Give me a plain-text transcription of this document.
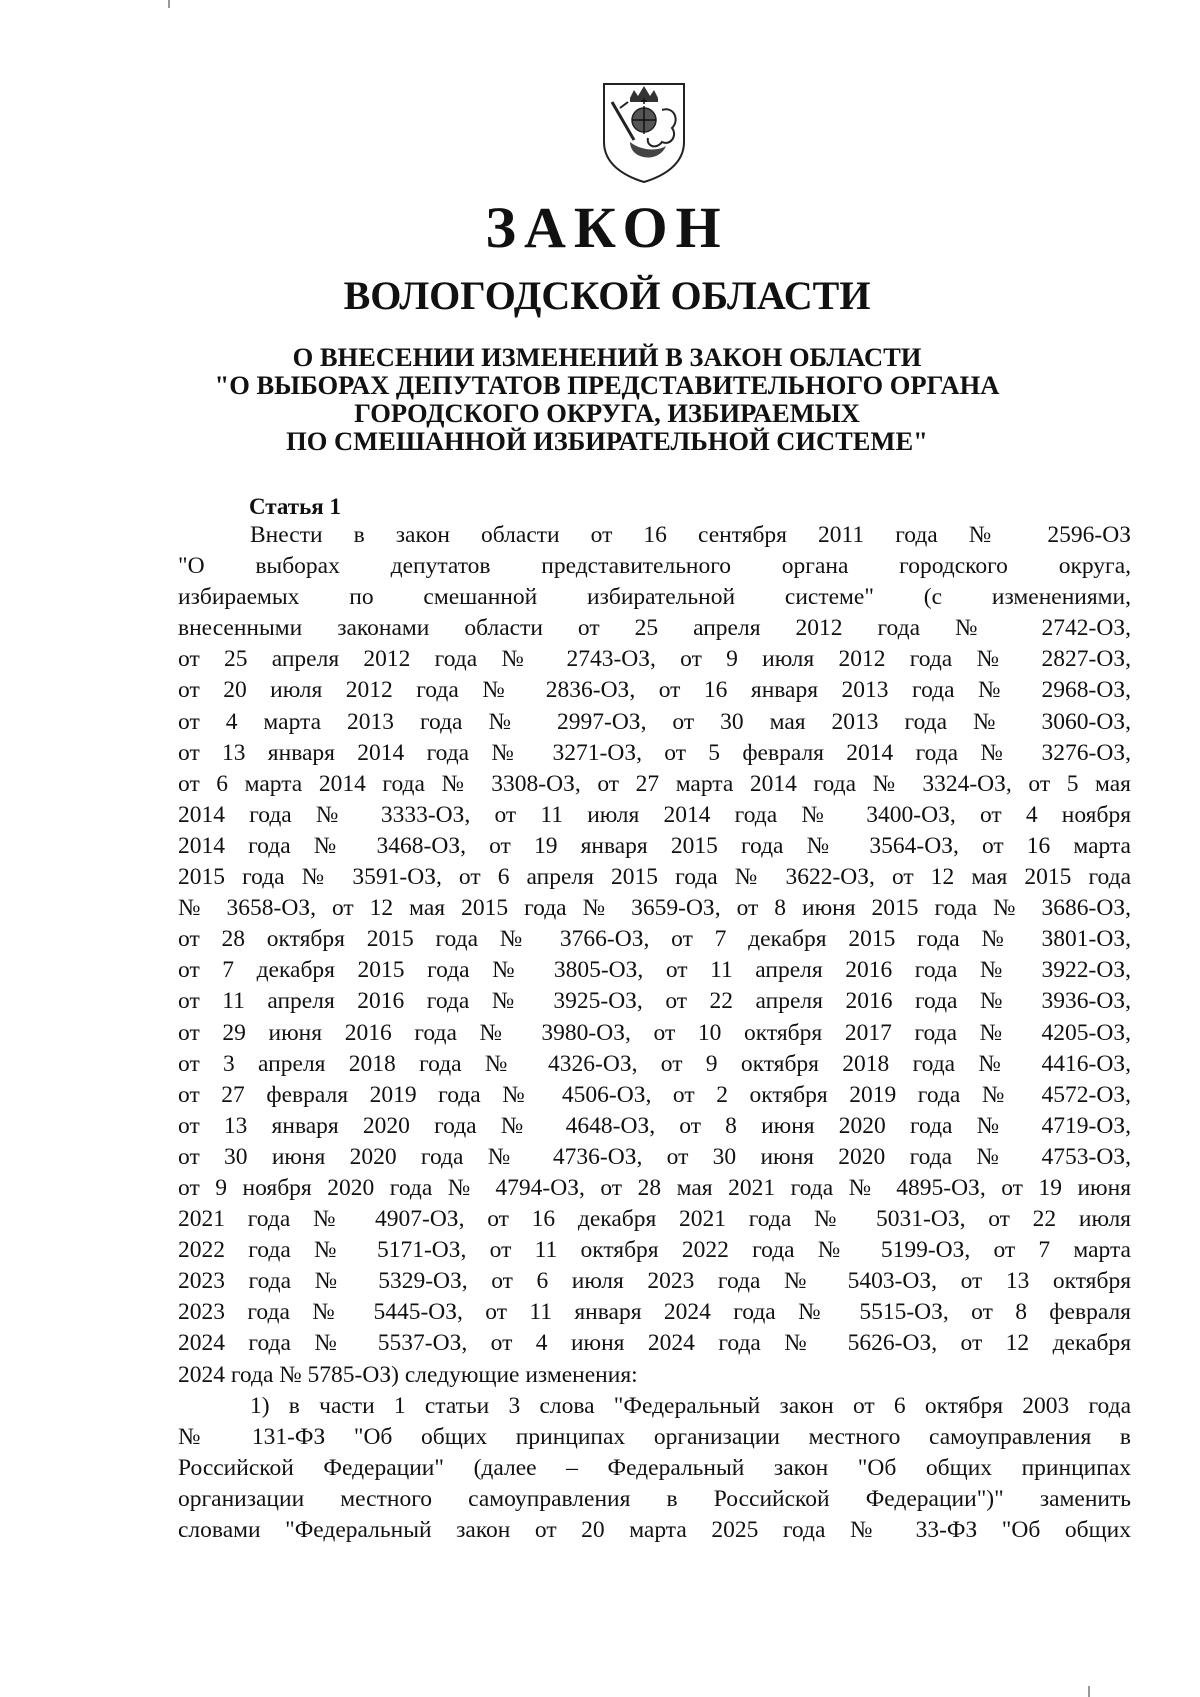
ЗАКОН
ВОЛОГОДСКОЙ ОБЛАСТИ
О ВНЕСЕНИИ ИЗМЕНЕНИЙ В ЗАКОН ОБЛАСТИ
"О ВЫБОРАХ ДЕПУТАТОВ ПРЕДСТАВИТЕЛЬНОГО ОРГАНА
ГОРОДСКОГО ОКРУГА, ИЗБИРАЕМЫХ
ПО СМЕШАННОЙ ИЗБИРАТЕЛЬНОЙ СИСТЕМЕ"
Статья 1
Внести в закон области от 16 сентября 2011 года № 2596-ОЗ
"О выборах депутатов представительного органа городского округа,
избираемых по смешанной избирательной системе" (с изменениями,
внесенными законами области от 25 апреля 2012 года № 2742-ОЗ,
от 25 апреля 2012 года № 2743-ОЗ, от 9 июля 2012 года № 2827-ОЗ,
от 20 июля 2012 года № 2836-ОЗ, от 16 января 2013 года № 2968-ОЗ,
от 4 марта 2013 года № 2997-ОЗ, от 30 мая 2013 года № 3060-ОЗ,
от 13 января 2014 года № 3271-ОЗ, от 5 февраля 2014 года № 3276-ОЗ,
от 6 марта 2014 года № 3308-ОЗ, от 27 марта 2014 года № 3324-ОЗ, от 5 мая
2014 года № 3333-ОЗ, от 11 июля 2014 года № 3400-ОЗ, от 4 ноября
2014 года № 3468-ОЗ, от 19 января 2015 года № 3564-ОЗ, от 16 марта
2015 года № 3591-ОЗ, от 6 апреля 2015 года № 3622-ОЗ, от 12 мая 2015 года
№ 3658-ОЗ, от 12 мая 2015 года № 3659-ОЗ, от 8 июня 2015 года № 3686-ОЗ,
от 28 октября 2015 года № 3766-ОЗ, от 7 декабря 2015 года № 3801-ОЗ,
от 7 декабря 2015 года № 3805-ОЗ, от 11 апреля 2016 года № 3922-ОЗ,
от 11 апреля 2016 года № 3925-ОЗ, от 22 апреля 2016 года № 3936-ОЗ,
от 29 июня 2016 года № 3980-ОЗ, от 10 октября 2017 года № 4205-ОЗ,
от 3 апреля 2018 года № 4326-ОЗ, от 9 октября 2018 года № 4416-ОЗ,
от 27 февраля 2019 года № 4506-ОЗ, от 2 октября 2019 года № 4572-ОЗ,
от 13 января 2020 года № 4648-ОЗ, от 8 июня 2020 года № 4719-ОЗ,
от 30 июня 2020 года № 4736-ОЗ, от 30 июня 2020 года № 4753-ОЗ,
от 9 ноября 2020 года № 4794-ОЗ, от 28 мая 2021 года № 4895-ОЗ, от 19 июня
2021 года № 4907-ОЗ, от 16 декабря 2021 года № 5031-ОЗ, от 22 июля
2022 года № 5171-ОЗ, от 11 октября 2022 года № 5199-ОЗ, от 7 марта
2023 года № 5329-ОЗ, от 6 июля 2023 года № 5403-ОЗ, от 13 октября
2023 года № 5445-ОЗ, от 11 января 2024 года № 5515-ОЗ, от 8 февраля
2024 года № 5537-ОЗ, от 4 июня 2024 года № 5626-ОЗ, от 12 декабря
2024 года № 5785-ОЗ) следующие изменения:
1) в части 1 статьи 3 слова "Федеральный закон от 6 октября 2003 года
№ 131-ФЗ "Об общих принципах организации местного самоуправления в
Российской Федерации" (далее – Федеральный закон "Об общих принципах
организации местного самоуправления в Российской Федерации")" заменить
словами "Федеральный закон от 20 марта 2025 года № 33-ФЗ "Об общих
